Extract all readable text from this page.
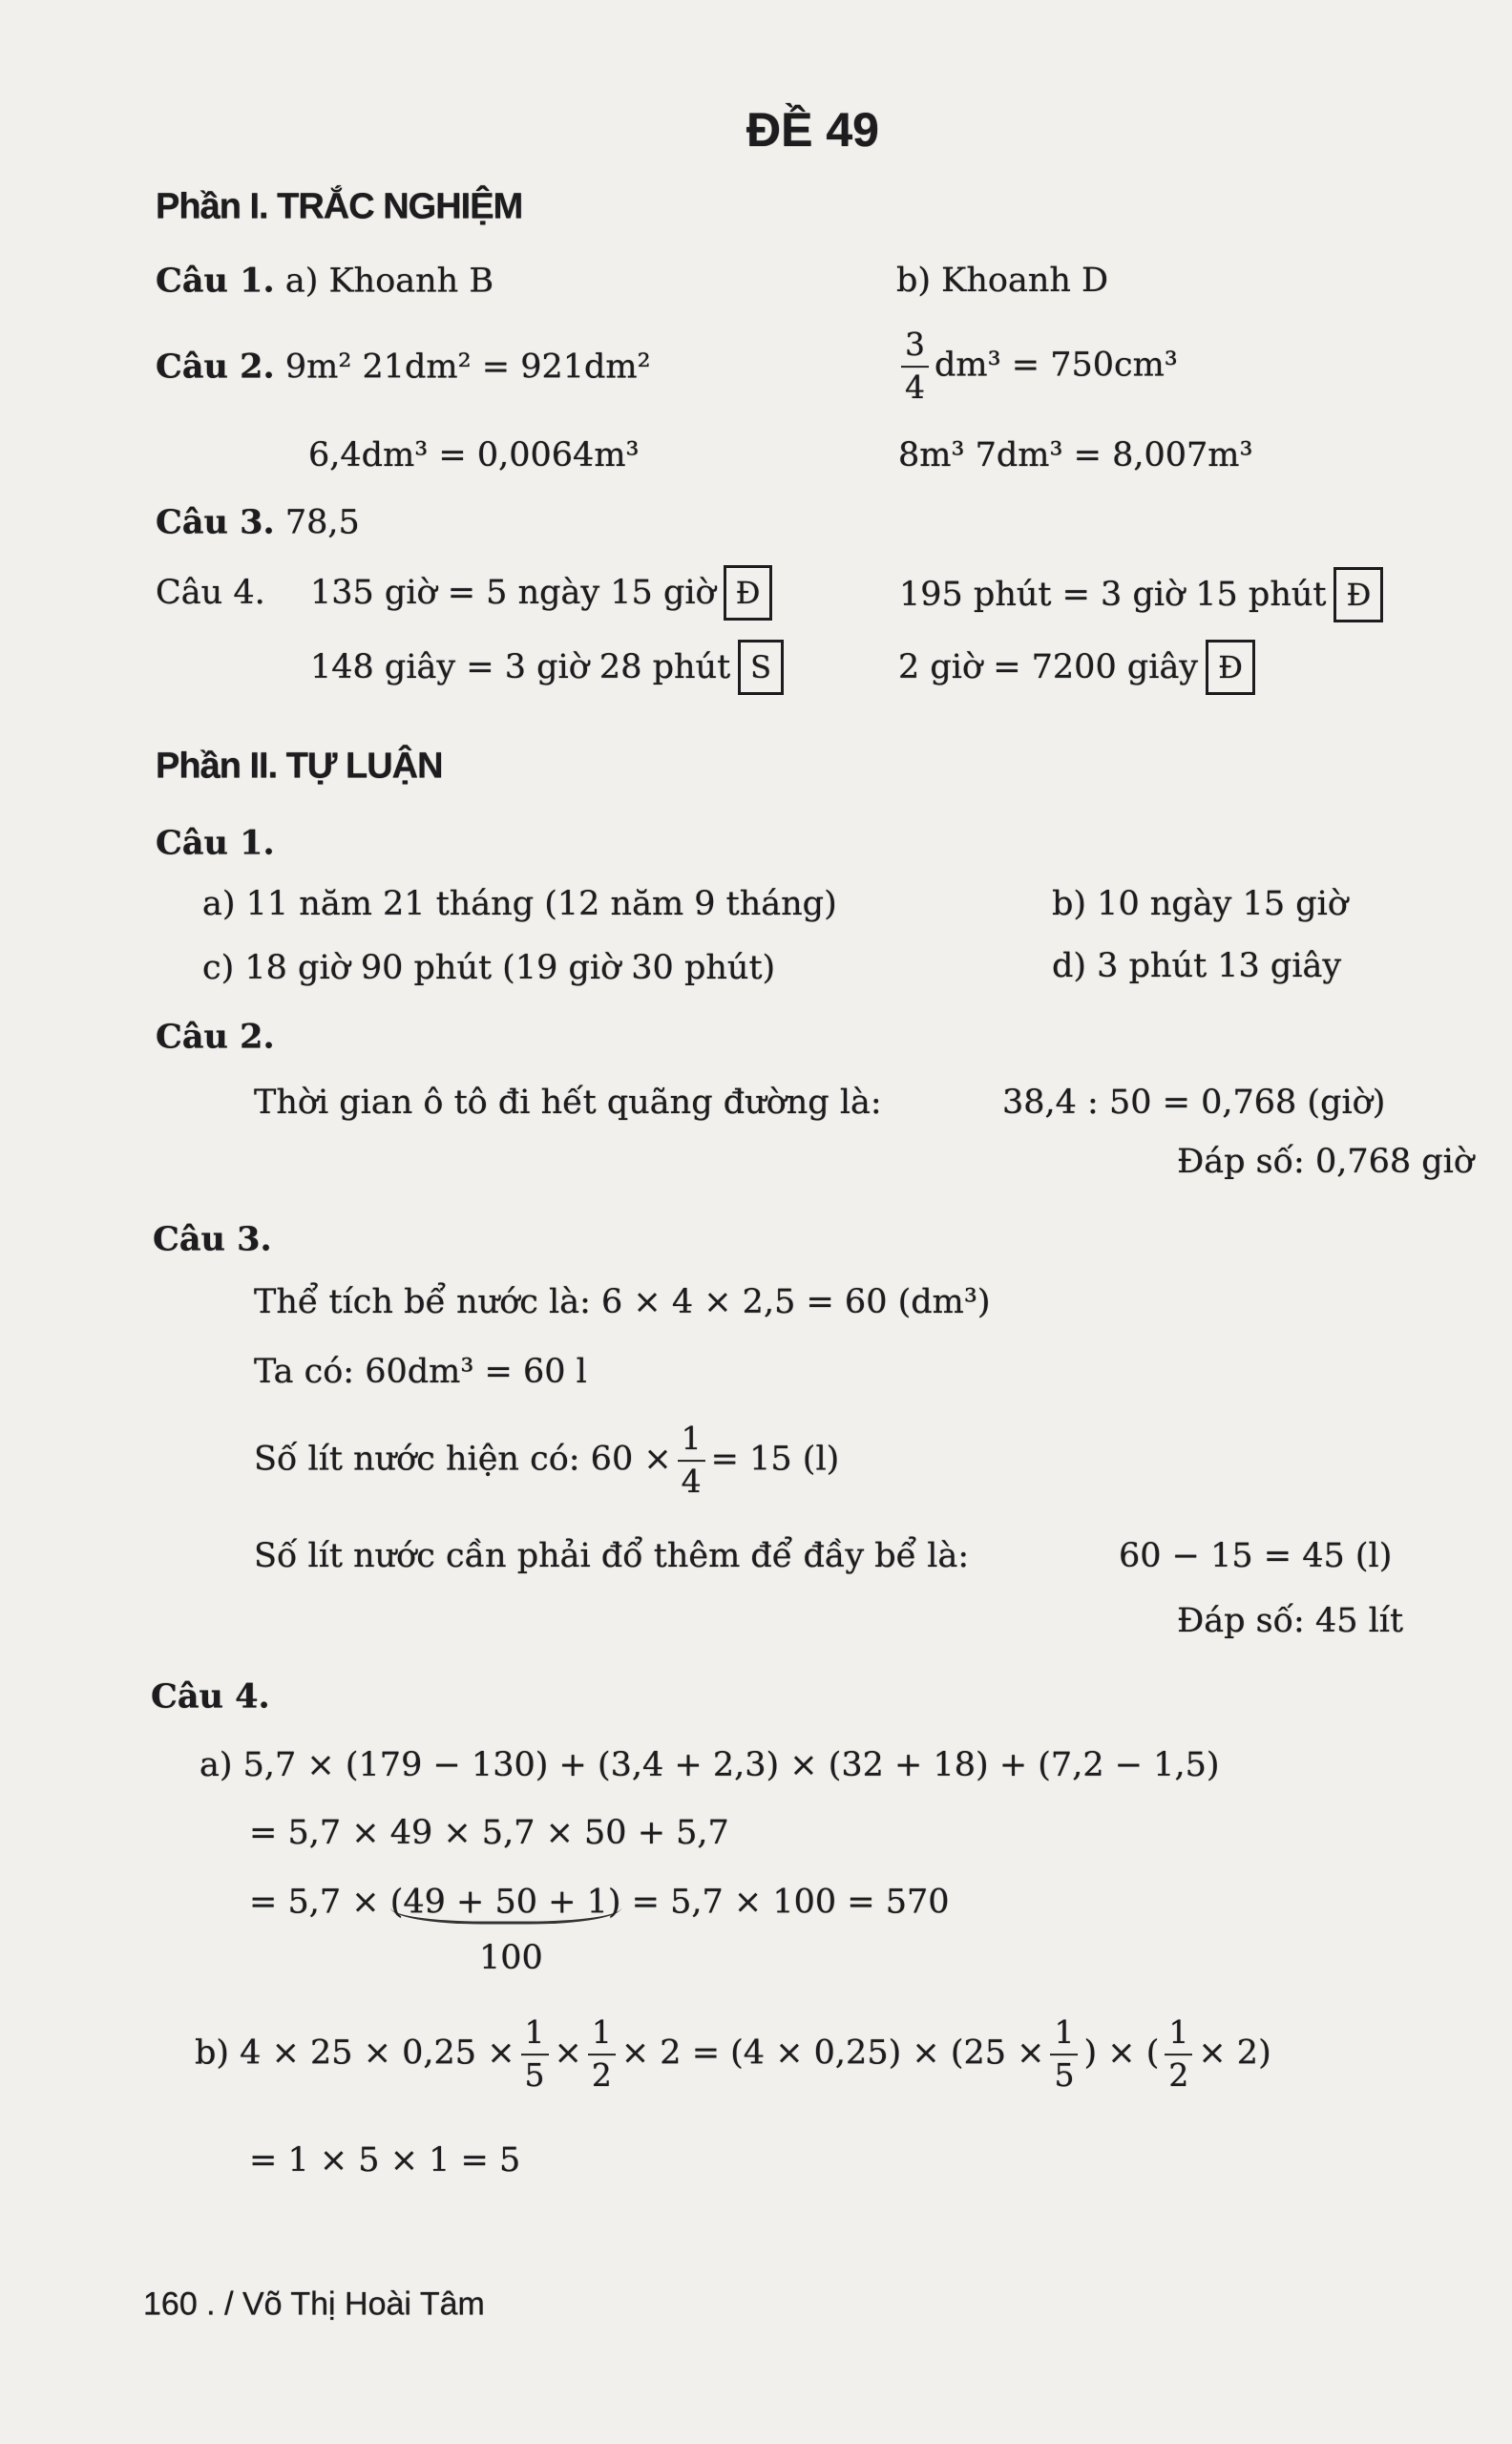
ĐỀ 49
Phần I. TRẮC NGHIỆM
Câu 1. a) Khoanh B	b) Khoanh D
Câu 2. 9m² 21dm² = 921dm²	$\frac{3}{4} dm^3 = 750cm^3$
6,4dm³ = 0,0064m³	8m³ 7dm³ = 8,007m³
Câu 3. 78,5
Câu 4. 135 giờ = 5 ngày 15 giờ Đ	195 phút = 3 giờ 15 phút Đ
148 giây = 3 giờ 28 phút S	2 giờ = 7200 giây Đ
Phần II. TỰ LUẬN
Câu 1.
a) 11 năm 21 tháng (12 năm 9 tháng)	b) 10 ngày 15 giờ
c) 18 giờ 90 phút (19 giờ 30 phút)	d) 3 phút 13 giây
Câu 2.
Thời gian ô tô đi hết quãng đường là:	38,4 : 50 = 0,768 (giờ)
Đáp số: 0,768 giờ
Câu 3.
Thể tích bể nước là: 6 × 4 × 2,5 = 60 (dm³)
Ta có: 60dm³ = 60 l
Số lít nước hiện có: $60 \times \frac{1}{4} = 15$ (l)
Số lít nước cần phải đổ thêm để đầy bể là:	60 − 15 = 45 (l)
Đáp số: 45 lít
Câu 4.
a) 5,7 × (179 − 130) + (3,4 + 2,3) × (32 + 18) + (7,2 − 1,5)
= 5,7 × 49 × 5,7 × 50 + 5,7
= 5,7 × (49 + 50 + 1) = 5,7 × 100 = 570
100
b) $4 \times 25 \times 0,25 \times \frac{1}{5} \times \frac{1}{2} \times 2 = (4 \times 0,25) \times (25 \times \frac{1}{5}$ ) × ( $\frac{1}{2} \times 2$)
= 1 × 5 × 1 = 5
160 . / Võ Thị Hoài Tâm
